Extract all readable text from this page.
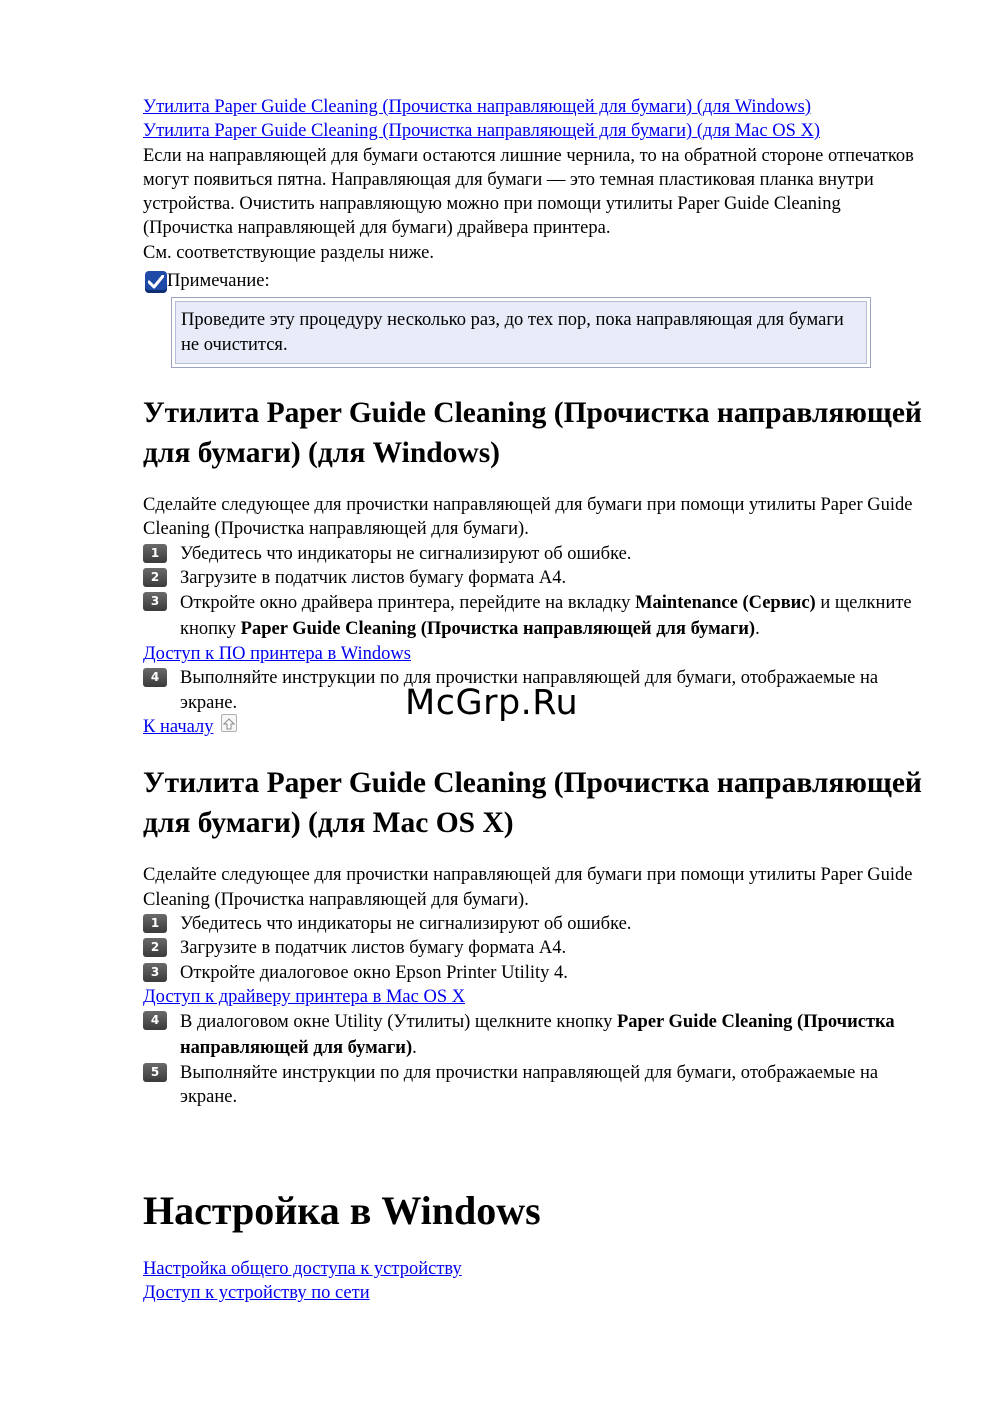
Утилита Paper Guide Cleaning (Прочистка направляющей для бумаги) (для Windows)
Утилита Paper Guide Cleaning (Прочистка направляющей для бумаги) (для Mac OS X)

Если на направляющей для бумаги остаются лишние чернила, то на обратной стороне отпечатков могут появиться пятна. Направляющая для бумаги — это темная пластиковая планка внутри устройства. Очистить направляющую можно при помощи утилиты Paper Guide Cleaning (Прочистка направляющей для бумаги) драйвера принтера.

См. соответствующие разделы ниже.

Примечание:
Проведите эту процедуру несколько раз, до тех пор, пока направляющая для бумаги не очистится.
Утилита Paper Guide Cleaning (Прочистка направляющей для бумаги) (для Windows)

Сделайте следующее для прочистки направляющей для бумаги при помощи утилиты Paper Guide Cleaning (Прочистка направляющей для бумаги).

1	Убедитесь что индикаторы не сигнализируют об ошибке.
2	Загрузите в податчик листов бумагу формата A4.
3	Откройте окно драйвера принтера, перейдите на вкладку Maintenance (Сервис) и щелкните кнопку Paper Guide Cleaning (Прочистка направляющей для бумаги).
Доступ к ПО принтера в Windows
4	Выполняйте инструкции по для прочистки направляющей для бумаги, отображаемые на экране.
К началу
Утилита Paper Guide Cleaning (Прочистка направляющей для бумаги) (для Mac OS X)

Сделайте следующее для прочистки направляющей для бумаги при помощи утилиты Paper Guide Cleaning (Прочистка направляющей для бумаги).

1	Убедитесь что индикаторы не сигнализируют об ошибке.
2	Загрузите в податчик листов бумагу формата A4.
3	Откройте диалоговое окно Epson Printer Utility 4.
Доступ к драйверу принтера в Mac OS X
4	В диалоговом окне Utility (Утилиты) щелкните кнопку Paper Guide Cleaning (Прочистка направляющей для бумаги).
5	Выполняйте инструкции по для прочистки направляющей для бумаги, отображаемые на экране.
Настройка в Windows
Настройка общего доступа к устройству
Доступ к устройству по сети
McGrp.Ru
